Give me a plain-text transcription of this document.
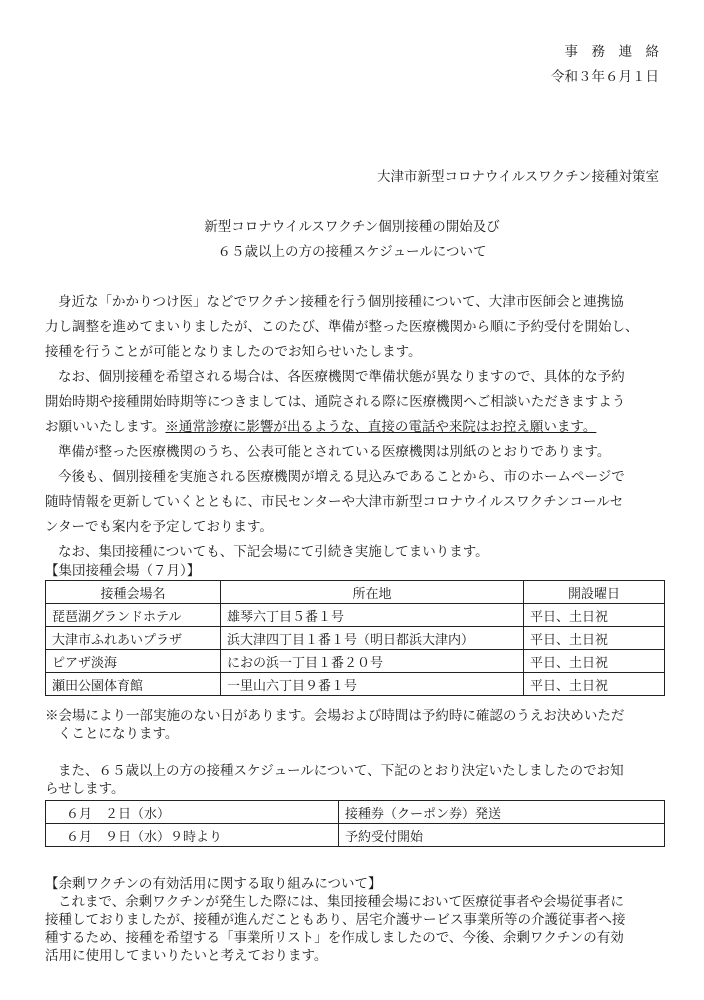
事　務　連　絡
令和３年６月１日
大津市新型コロナウイルスワクチン接種対策室
新型コロナウイルスワクチン個別接種の開始及び
６５歳以上の方の接種スケジュールについて
身近な「かかりつけ医」などでワクチン接種を行う個別接種について、大津市医師会と連携協
力し調整を進めてまいりましたが、このたび、準備が整った医療機関から順に予約受付を開始し、
接種を行うことが可能となりましたのでお知らせいたします。
なお、個別接種を希望される場合は、各医療機関で準備状態が異なりますので、具体的な予約
開始時期や接種開始時期等につきましては、通院される際に医療機関へご相談いただきますよう
お願いいたします。※通常診療に影響が出るような、直接の電話や来院はお控え願います。
準備が整った医療機関のうち、公表可能とされている医療機関は別紙のとおりであります。
今後も、個別接種を実施される医療機関が増える見込みであることから、市のホームページで
随時情報を更新していくとともに、市民センターや大津市新型コロナウイルスワクチンコールセ
ンターでも案内を予定しております。
なお、集団接種についても、下記会場にて引続き実施してまいります。
【集団接種会場（７月）】
接種会場名	所在地	開設曜日
琵琶湖グランドホテル	雄琴六丁目５番１号	平日、土日祝
大津市ふれあいプラザ	浜大津四丁目１番１号（明日都浜大津内）	平日、土日祝
ピアザ淡海	におの浜一丁目１番２０号	平日、土日祝
瀬田公園体育館	一里山六丁目９番１号	平日、土日祝
※会場により一部実施のない日があります。会場および時間は予約時に確認のうえお決めいただ
くことになります。
また、６５歳以上の方の接種スケジュールについて、下記のとおり決定いたしましたのでお知
らせします。
６月　２日（水）	接種券（クーポン券）発送
６月　９日（水）９時より	予約受付開始
【余剰ワクチンの有効活用に関する取り組みについて】
これまで、余剰ワクチンが発生した際には、集団接種会場において医療従事者や会場従事者に
接種しておりましたが、接種が進んだこともあり、居宅介護サービス事業所等の介護従事者へ接
種するため、接種を希望する「事業所リスト」を作成しましたので、今後、余剰ワクチンの有効
活用に使用してまいりたいと考えております。
